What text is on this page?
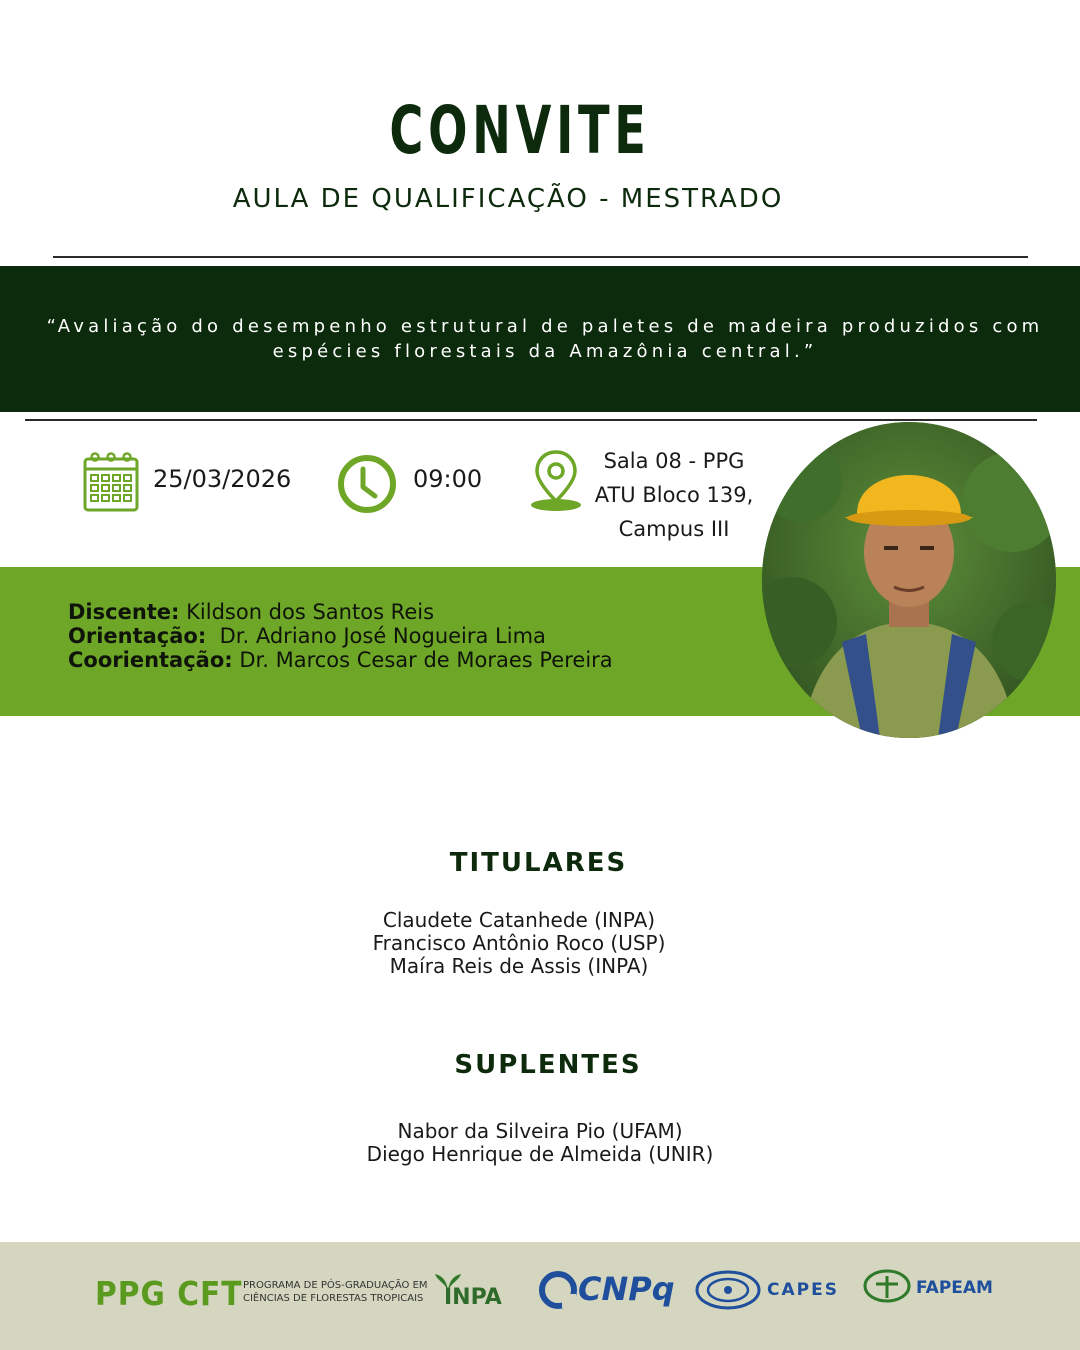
CONVITE
AULA DE QUALIFICAÇÃO - MESTRADO
“Avaliação do desempenho estrutural de paletes de madeira produzidos com
espécies florestais da Amazônia central.”
25/03/2026	09:00
Sala 08 - PPG
ATU Bloco 139,
Campus III
Discente: Kildson dos Santos Reis
Orientação: Dr. Adriano José Nogueira Lima
Coorientação: Dr. Marcos Cesar de Moraes Pereira
TITULARES
Claudete Catanhede (INPA)
Francisco Antônio Roco (USP)
Maíra Reis de Assis (INPA)
SUPLENTES
Nabor da Silveira Pio (UFAM)
Diego Henrique de Almeida (UNIR)
PPG CFT PROGRAMA DE PÓS-GRADUAÇÃO EM
CIÊNCIAS DE FLORESTAS TROPICAIS INPA CNPq	CAPES	FAPEAM
